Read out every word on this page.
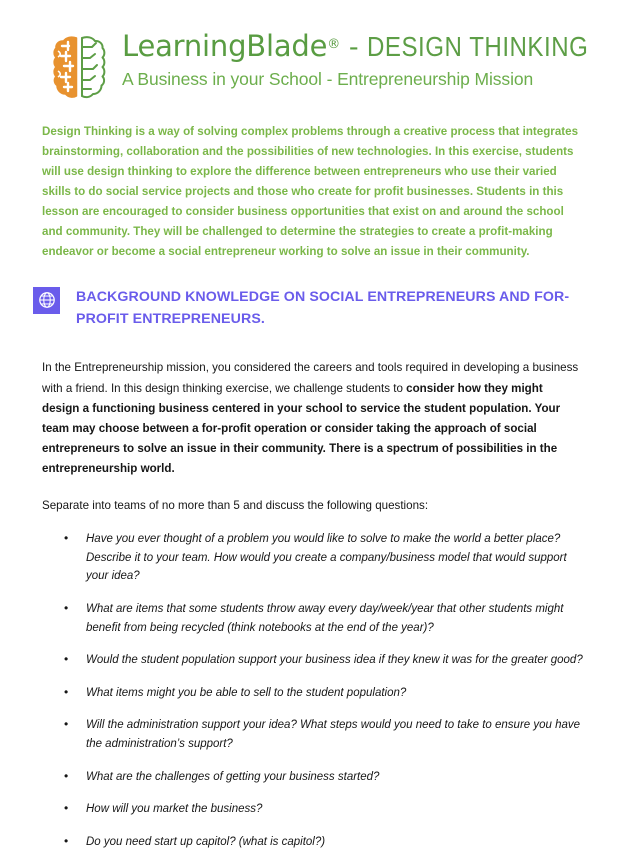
LearningBlade® - DESIGN THINKING
A Business in your School - Entrepreneurship Mission
Design Thinking is a way of solving complex problems through a creative process that integrates brainstorming, collaboration and the possibilities of new technologies. In this exercise, students will use design thinking to explore the difference between entrepreneurs who use their varied skills to do social service projects and those who create for profit businesses. Students in this lesson are encouraged to consider business opportunities that exist on and around the school and community. They will be challenged to determine the strategies to create a profit-making endeavor or become a social entrepreneur working to solve an issue in their community.
BACKGROUND KNOWLEDGE ON SOCIAL ENTREPRENEURS AND FOR-PROFIT ENTREPRENEURS.
In the Entrepreneurship mission, you considered the careers and tools required in developing a business with a friend. In this design thinking exercise, we challenge students to consider how they might design a functioning business centered in your school to service the student population. Your team may choose between a for-profit operation or consider taking the approach of social entrepreneurs to solve an issue in their community. There is a spectrum of possibilities in the entrepreneurship world.
Separate into teams of no more than 5 and discuss the following questions:
• Have you ever thought of a problem you would like to solve to make the world a better place? Describe it to your team. How would you create a company/business model that would support your idea?
• What are items that some students throw away every day/week/year that other students might benefit from being recycled (think notebooks at the end of the year)?
• Would the student population support your business idea if they knew it was for the greater good?
• What items might you be able to sell to the student population?
• Will the administration support your idea? What steps would you need to take to ensure you have the administration’s support?
• What are the challenges of getting your business started?
• How will you market the business?
• Do you need start up capitol? (what is capitol?)
